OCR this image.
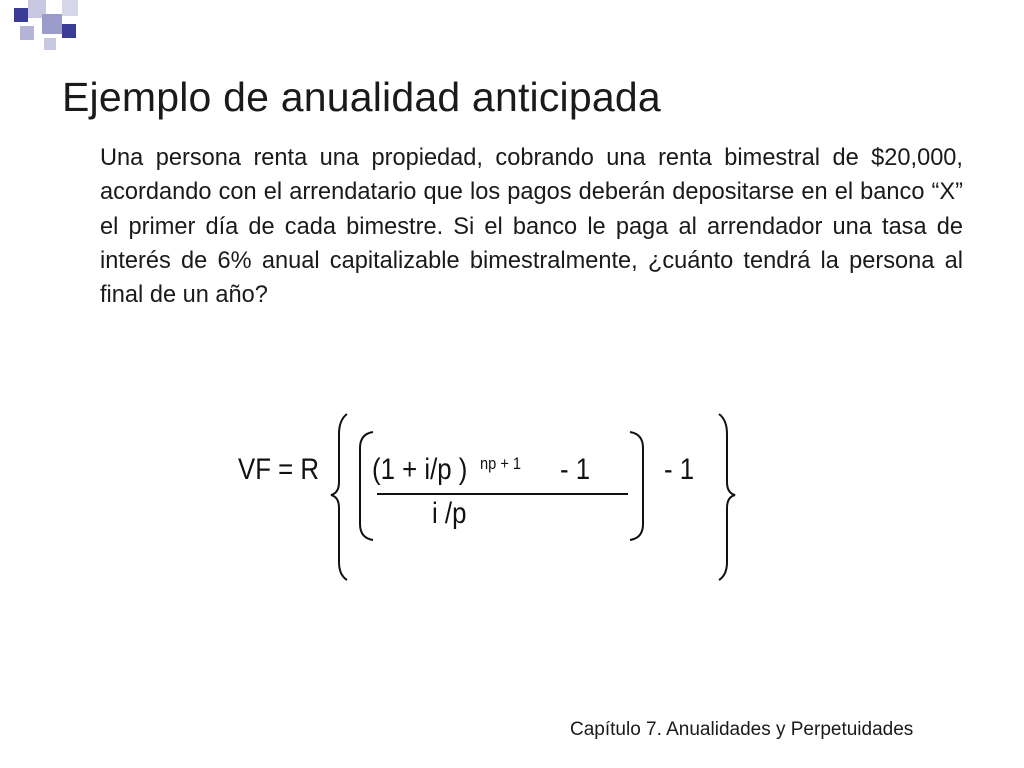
Ejemplo de anualidad anticipada

Una persona renta una propiedad, cobrando una renta bimestral de $20,000, acordando con el arrendatario que los pagos deberán depositarse en el banco “X” el primer día de cada bimestre. Si el banco le paga al arrendador una tasa de interés de 6% anual capitalizable bimestralmente, ¿cuánto tendrá la persona al final de un año?

VF = R (1 + i/p ) np + 1 - 1
i /p
- 1

Capítulo 7. Anualidades y Perpetuidades
